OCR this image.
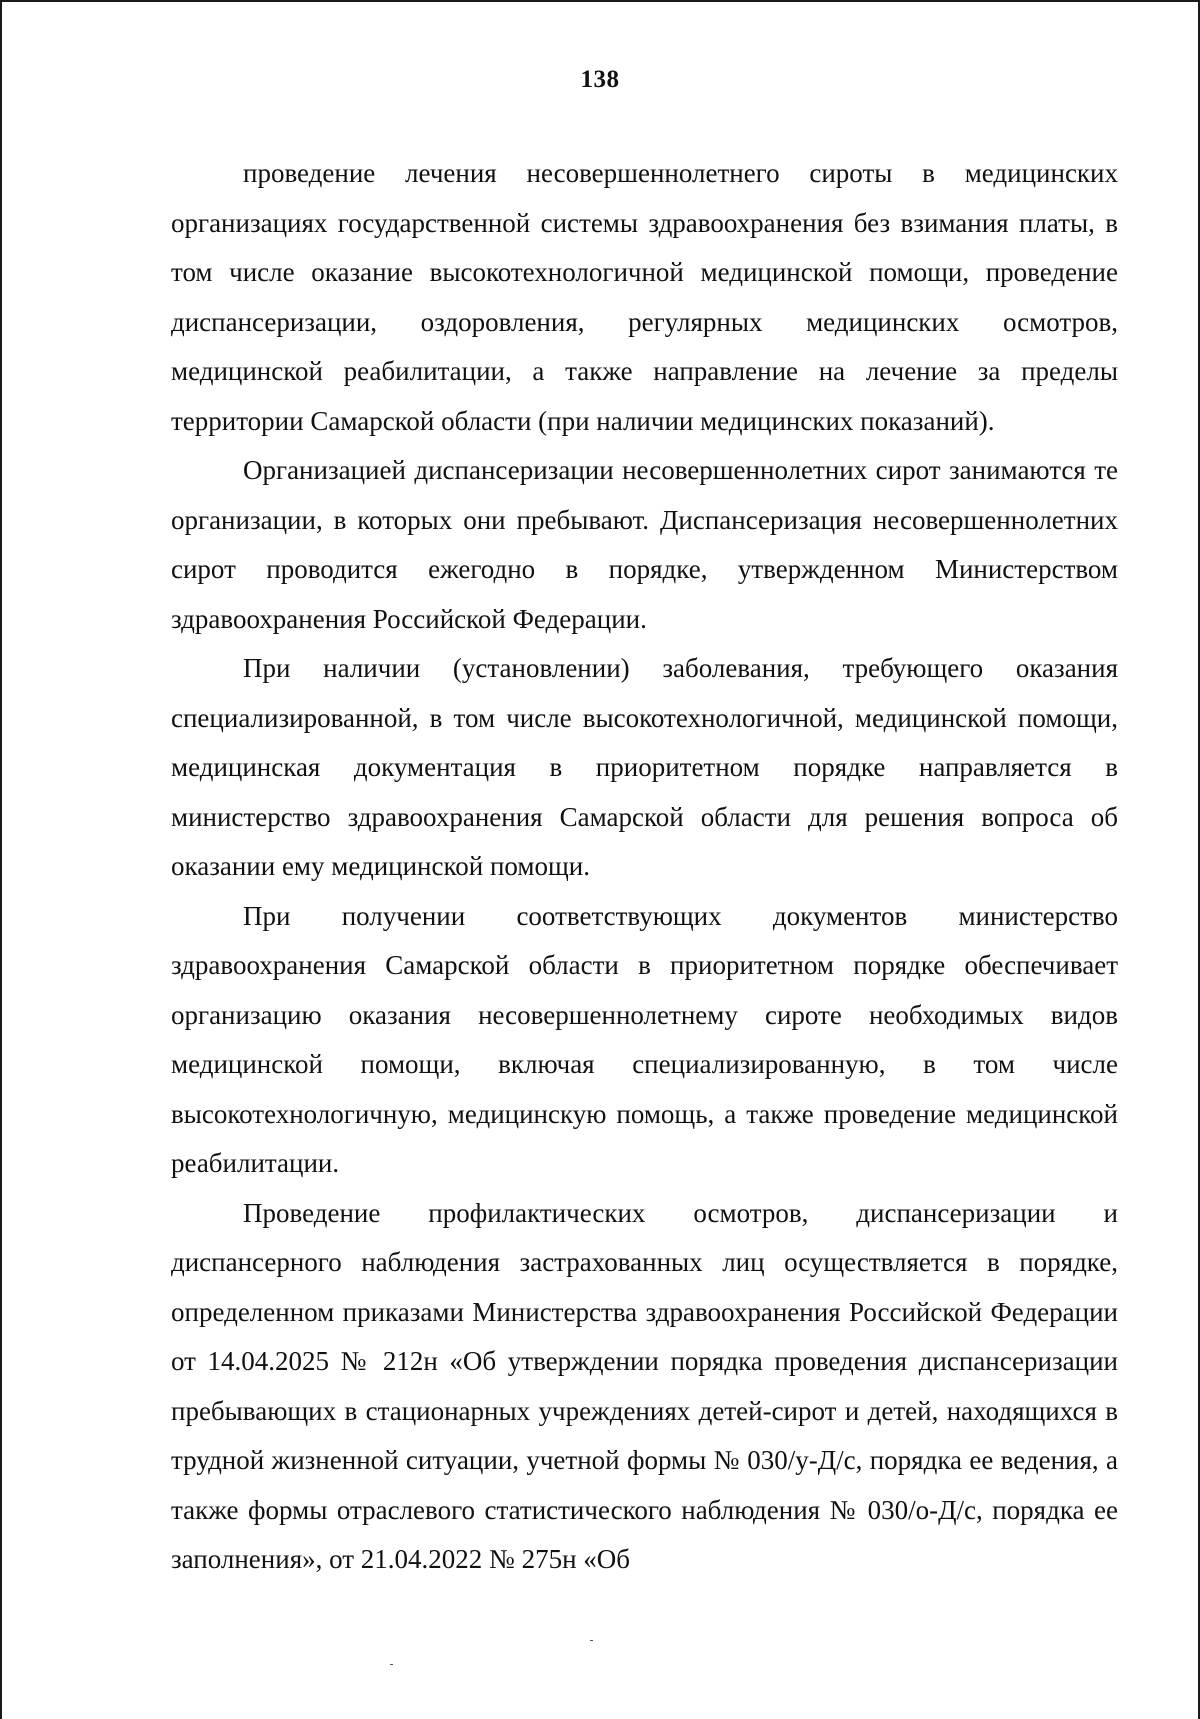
138

проведение лечения несовершеннолетнего сироты в медицинских организациях государственной системы здравоохранения без взимания платы, в том числе оказание высокотехнологичной медицинской помощи, проведение диспансеризации, оздоровления, регулярных медицинских осмотров, медицинской реабилитации, а также направление на лечение за пределы территории Самарской области (при наличии медицинских показаний).

Организацией диспансеризации несовершеннолетних сирот занимаются те организации, в которых они пребывают. Диспансеризация несовершеннолетних сирот проводится ежегодно в порядке, утвержденном Министерством здравоохранения Российской Федерации.

При наличии (установлении) заболевания, требующего оказания специализированной, в том числе высокотехнологичной, медицинской помощи, медицинская документация в приоритетном порядке направляется в министерство здравоохранения Самарской области для решения вопроса об оказании ему медицинской помощи.

При получении соответствующих документов министерство здравоохранения Самарской области в приоритетном порядке обеспечивает организацию оказания несовершеннолетнему сироте необходимых видов медицинской помощи, включая специализированную, в том числе высокотехнологичную, медицинскую помощь, а также проведение медицинской реабилитации.

Проведение профилактических осмотров, диспансеризации и диспансерного наблюдения застрахованных лиц осуществляется в порядке, определенном приказами Министерства здравоохранения Российской Федерации от 14.04.2025 № 212н «Об утверждении порядка проведения диспансеризации пребывающих в стационарных учреждениях детей-сирот и детей, находящихся в трудной жизненной ситуации, учетной формы № 030/у-Д/с, порядка ее ведения, а также формы отраслевого статистического наблюдения № 030/о-Д/с, порядка ее заполнения», от 21.04.2022 № 275н «Об
